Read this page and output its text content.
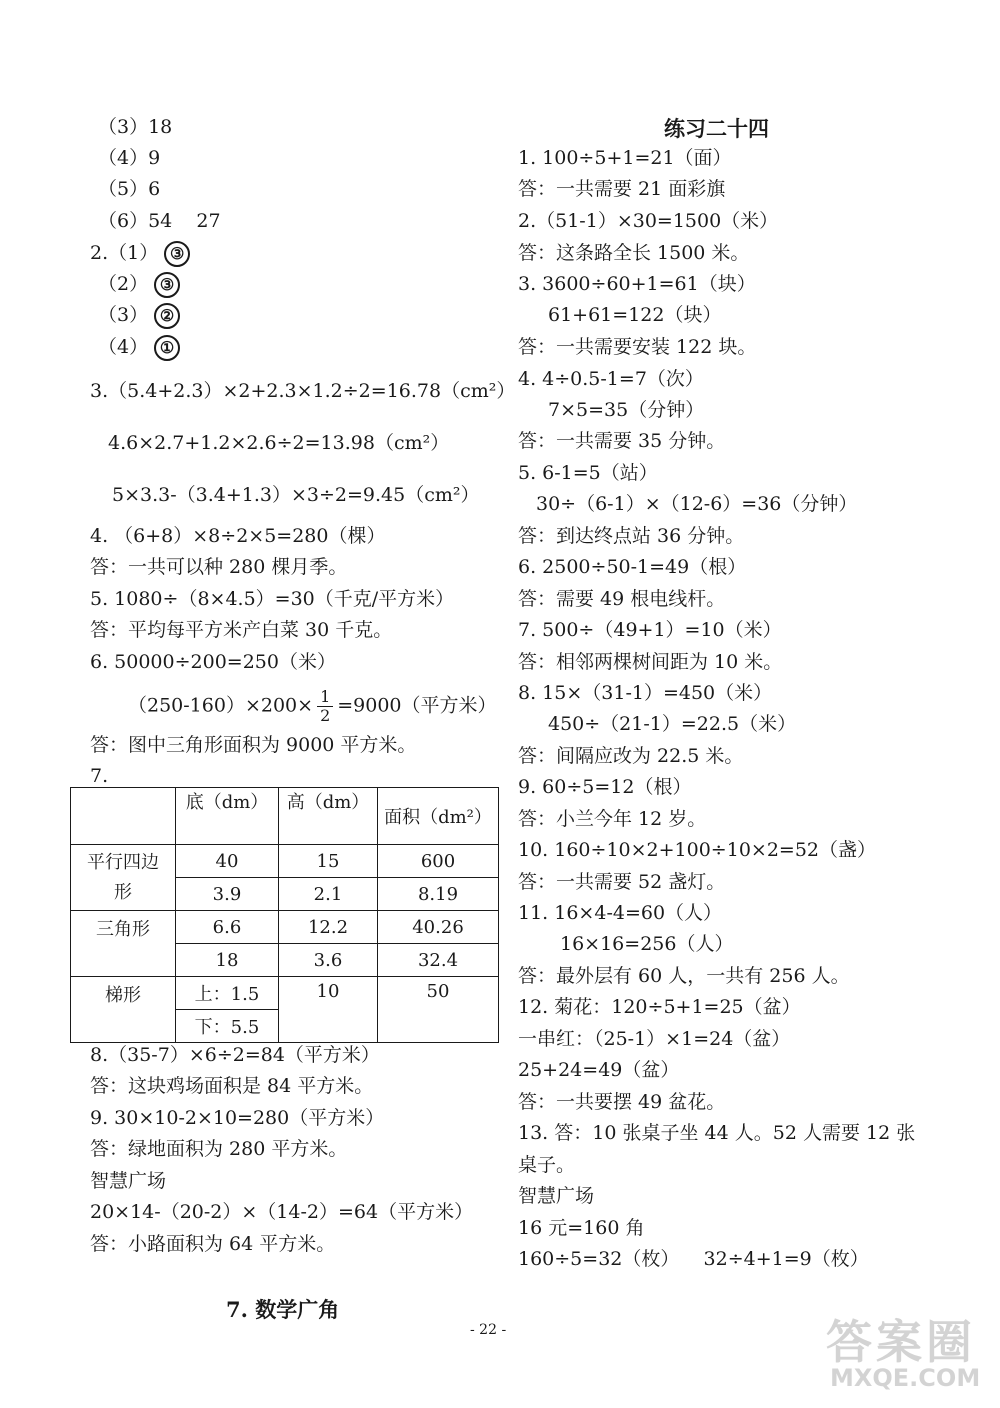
（3）18
（4）9
（5）6
（6）54    27
2.（1） ③
（2） ③
（3） ②
（4） ①
3.（5.4+2.3）×2+2.3×1.2÷2=16.78（cm²）
4.6×2.7+1.2×2.6÷2=13.98（cm²）
5×3.3-（3.4+1.3）×3÷2=9.45（cm²）
4. （6+8）×8÷2×5=280（棵）
答：一共可以种 280 棵月季。
5. 1080÷（8×4.5）=30（千克/平方米）
答：平均每平方米产白菜 30 千克。
6. 50000÷200=250（米）
$(250-160)\times 200\times \frac{1}{2} =9000$（平方米）
答：图中三角形面积为 9000 平方米。
7.
	底（dm）	高（dm）	面积（dm²）
平行四边形	40	15	600
	3.9	2.1	8.19
三角形	6.6	12.2	40.26
	18	3.6	32.4
梯形	上：1.5	10	50
	下：5.5		
8.（35-7）×6÷2=84（平方米）
答：这块鸡场面积是 84 平方米。
9. 30×10-2×10=280（平方米）
答：绿地面积为 280 平方米。
智慧广场
20×14-（20-2）×（14-2）=64（平方米）
答：小路面积为 64 平方米。
7. 数学广角
练习二十四
1. 100÷5+1=21（面）
答：一共需要 21 面彩旗
2.（51-1）×30=1500（米）
答：这条路全长 1500 米。
3. 3600÷60+1=61（块）
61+61=122（块）
答：一共需要安装 122 块。
4. 4÷0.5-1=7（次）
7×5=35（分钟）
答：一共需要 35 分钟。
5. 6-1=5（站）
30÷（6-1）×（12-6）=36（分钟）
答：到达终点站 36 分钟。
6. 2500÷50-1=49（根）
答：需要 49 根电线杆。
7. 500÷（49+1）=10（米）
答：相邻两棵树间距为 10 米。
8. 15×（31-1）=450（米）
450÷（21-1）=22.5（米）
答：间隔应改为 22.5 米。
9. 60÷5=12（根）
答：小兰今年 12 岁。
10. 160÷10×2+100÷10×2=52（盏）
答：一共需要 52 盏灯。
11. 16×4-4=60（人）
16×16=256（人）
答：最外层有 60 人，一共有 256 人。
12. 菊花：120÷5+1=25（盆）
一串红：（25-1）×1=24（盆）
25+24=49（盆）
答：一共要摆 49 盆花。
13. 答：10 张桌子坐 44 人。52 人需要 12 张
桌子。
智慧广场
16 元=160 角
160÷5=32（枚）    32÷4+1=9（枚）
- 22 -	答案圈
MXQE.COM
